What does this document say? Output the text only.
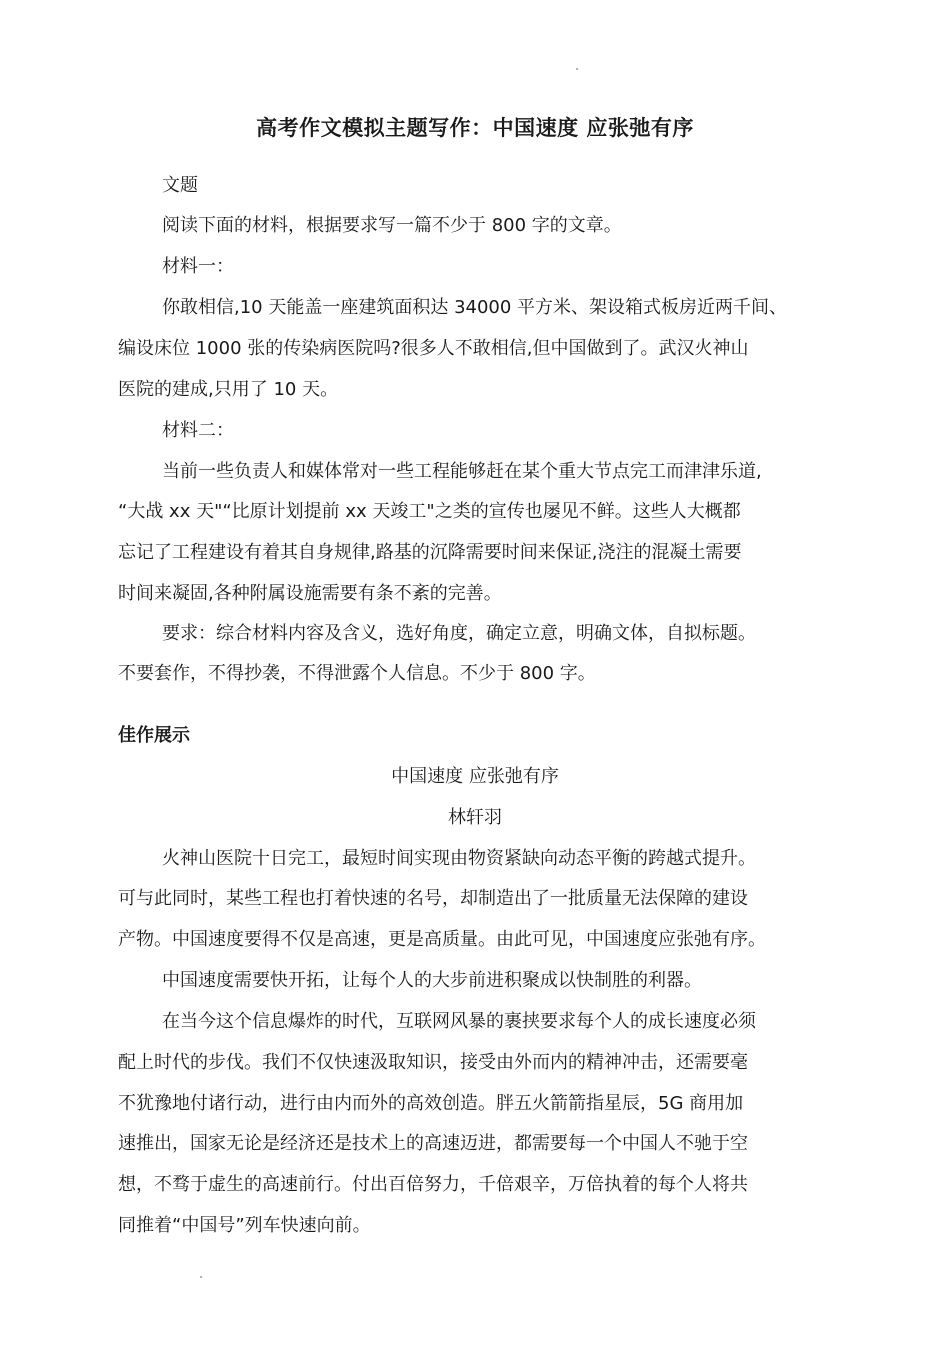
高考作文模拟主题写作：中国速度 应张弛有序
文题
阅读下面的材料，根据要求写一篇不少于 800 字的文章。
材料一：
你敢相信,10 天能盖一座建筑面积达 34000 平方米、架设箱式板房近两千间、
编设床位 1000 张的传染病医院吗?很多人不敢相信,但中国做到了。武汉火神山
医院的建成,只用了 10 天。
材料二：
当前一些负责人和媒体常对一些工程能够赶在某个重大节点完工而津津乐道,
“大战 xx 天"“比原计划提前 xx 天竣工"之类的宣传也屡见不鲜。这些人大概都
忘记了工程建设有着其自身规律,路基的沉降需要时间来保证,浇注的混凝土需要
时间来凝固,各种附属设施需要有条不紊的完善。
要求：综合材料内容及含义，选好角度，确定立意，明确文体，自拟标题。
不要套作，不得抄袭，不得泄露个人信息。不少于 800 字。
佳作展示
中国速度 应张弛有序
林轩羽
火神山医院十日完工，最短时间实现由物资紧缺向动态平衡的跨越式提升。
可与此同时，某些工程也打着快速的名号，却制造出了一批质量无法保障的建设
产物。中国速度要得不仅是高速，更是高质量。由此可见，中国速度应张弛有序。
中国速度需要快开拓，让每个人的大步前进积聚成以快制胜的利器。
在当今这个信息爆炸的时代，互联网风暴的裹挟要求每个人的成长速度必须
配上时代的步伐。我们不仅快速汲取知识，接受由外而内的精神冲击，还需要毫
不犹豫地付诸行动，进行由内而外的高效创造。胖五火箭箭指星辰，5G 商用加
速推出，国家无论是经济还是技术上的高速迈进，都需要每一个中国人不驰于空
想，不骛于虚生的高速前行。付出百倍努力，千倍艰辛，万倍执着的每个人将共
同推着“中国号”列车快速向前。
